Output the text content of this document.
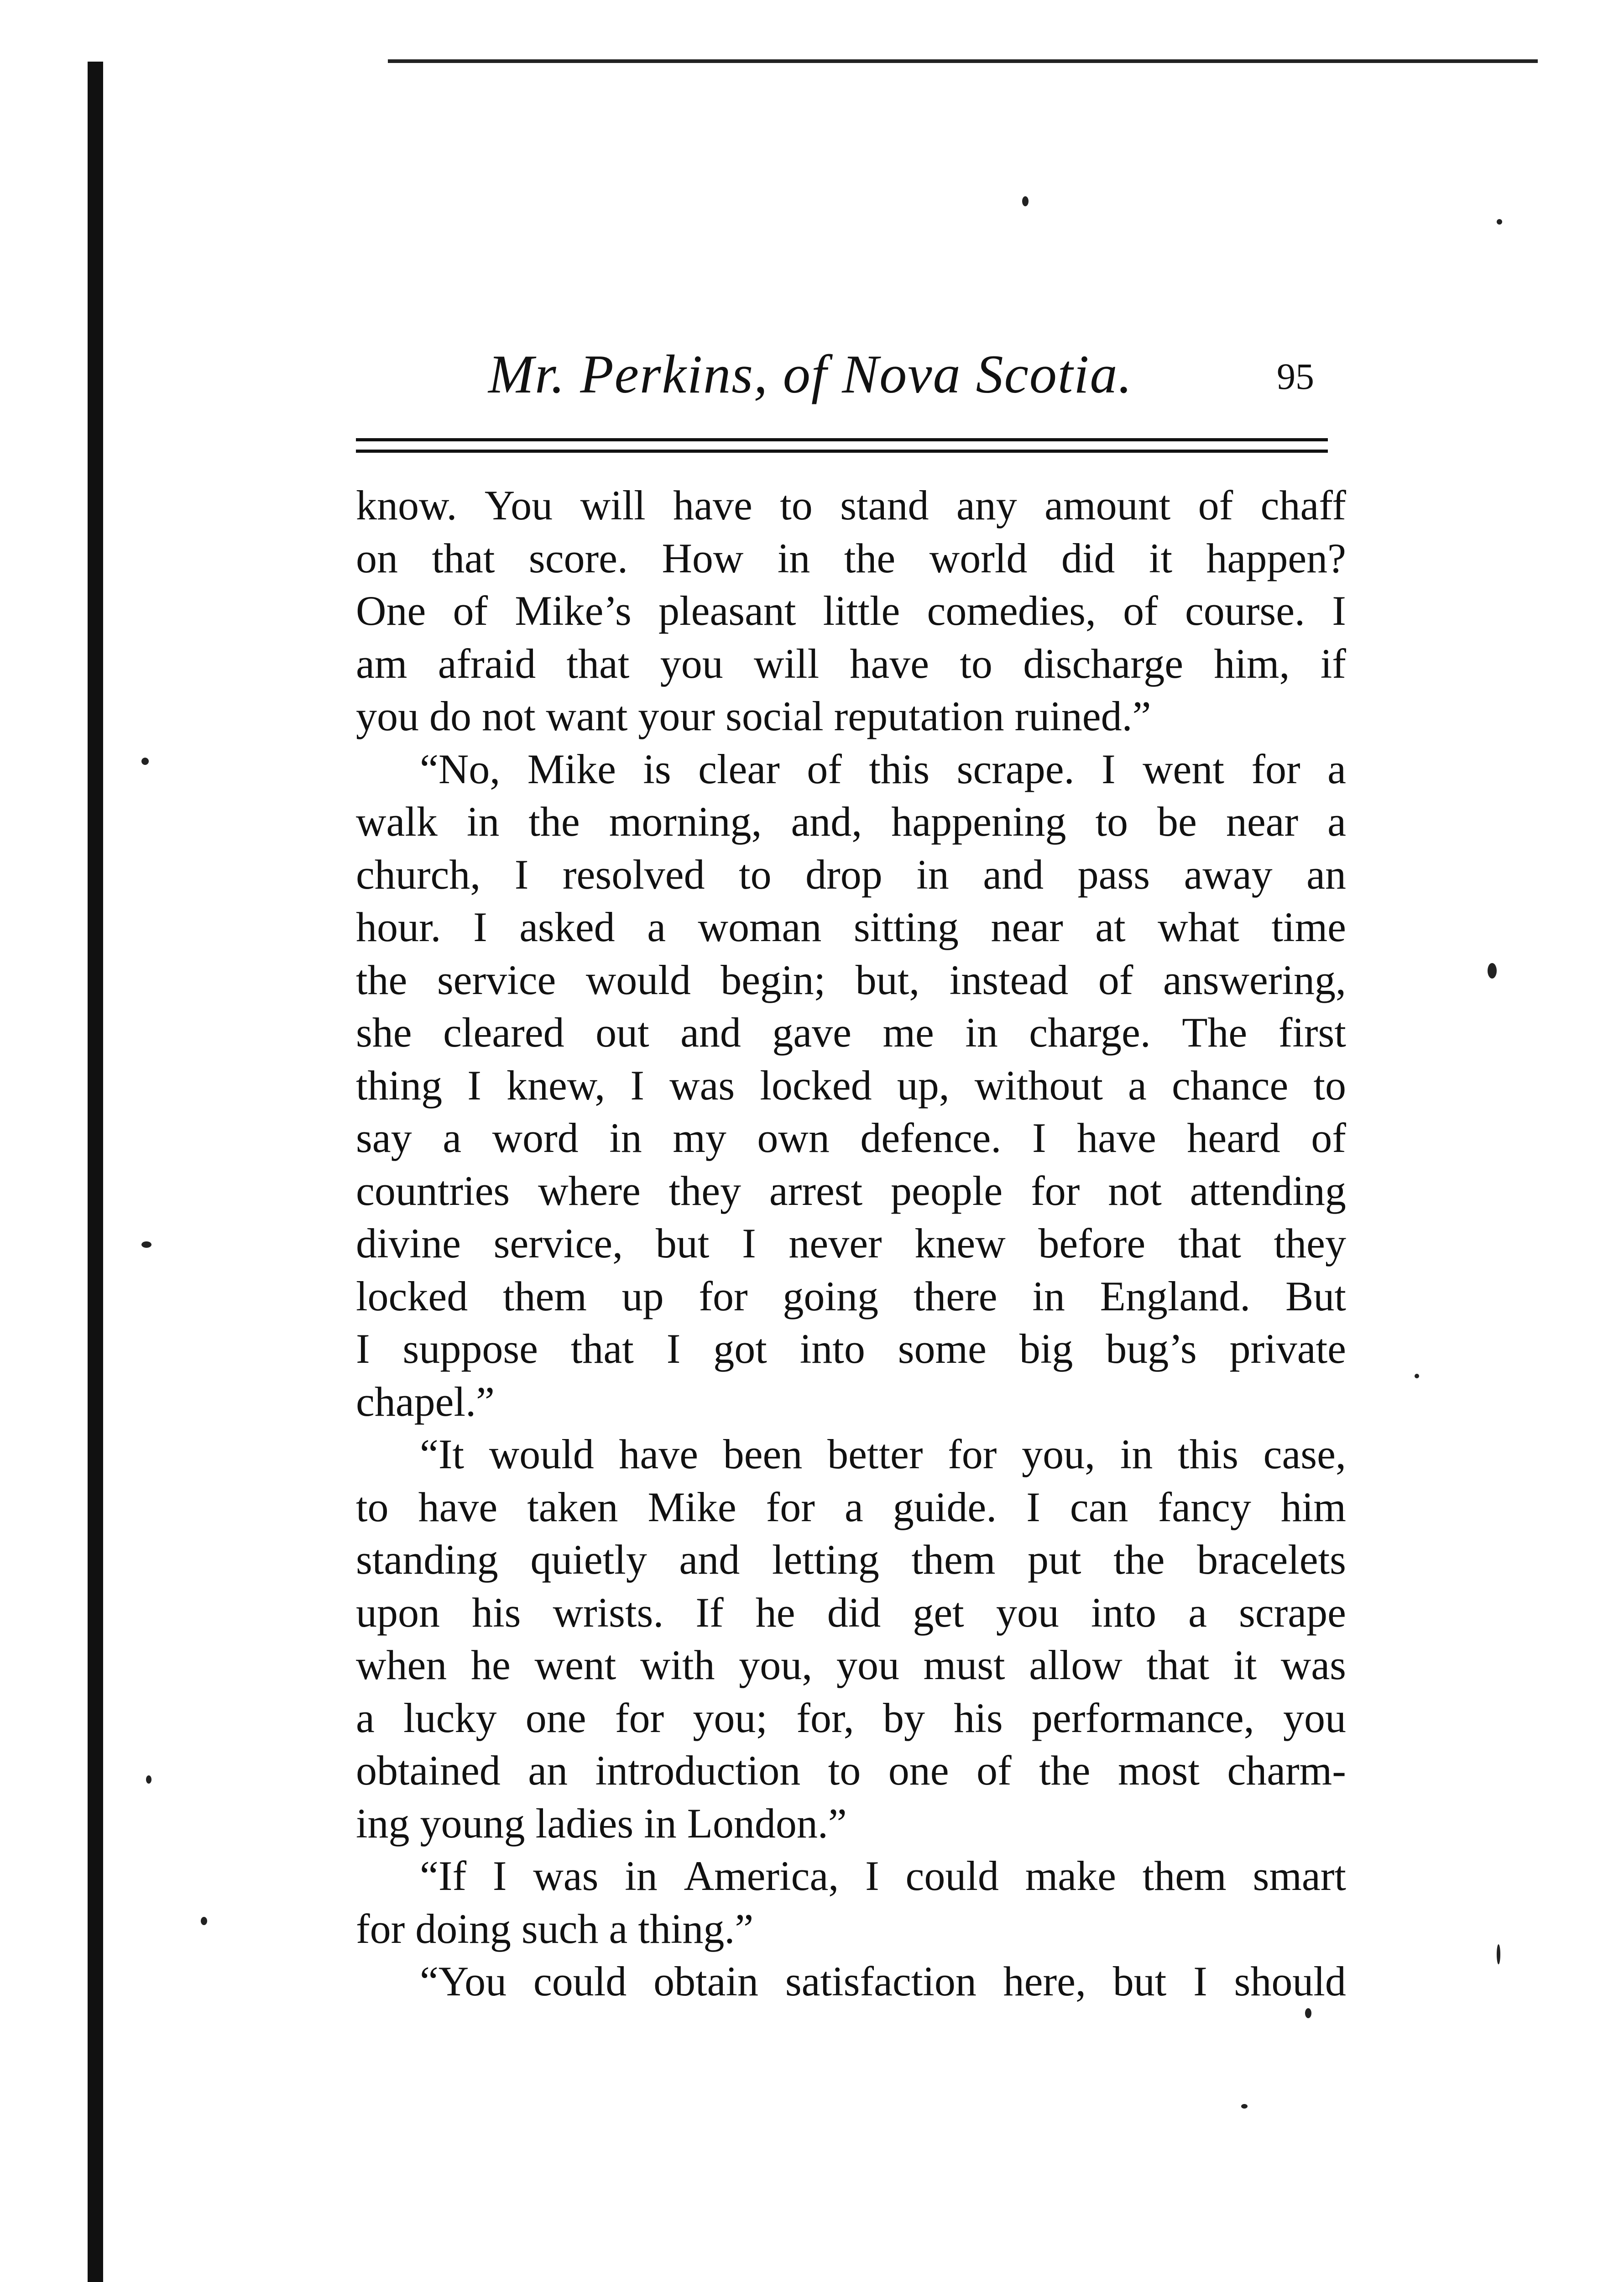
Mr. Perkins, of Nova Scotia.	95
know. You will have to stand any amount of chaff
on that score. How in the world did it happen?
One of Mike’s pleasant little comedies, of course. I
am afraid that you will have to discharge him, if
you do not want your social reputation ruined.”
“No, Mike is clear of this scrape. I went for a
walk in the morning, and, happening to be near a
church, I resolved to drop in and pass away an
hour. I asked a woman sitting near at what time
the service would begin; but, instead of answering,
she cleared out and gave me in charge. The first
thing I knew, I was locked up, without a chance to
say a word in my own defence. I have heard of
countries where they arrest people for not attending
divine service, but I never knew before that they
locked them up for going there in England. But
I suppose that I got into some big bug’s private
chapel.”
“It would have been better for you, in this case,
to have taken Mike for a guide. I can fancy him
standing quietly and letting them put the bracelets
upon his wrists. If he did get you into a scrape
when he went with you, you must allow that it was
a lucky one for you; for, by his performance, you
obtained an introduction to one of the most charm-
ing young ladies in London.”
“If I was in America, I could make them smart
for doing such a thing.”
“You could obtain satisfaction here, but I should
